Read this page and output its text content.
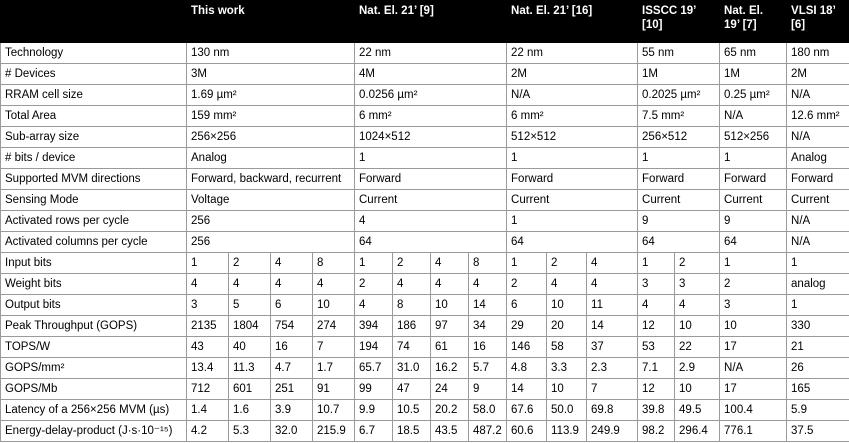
	This work				Nat. El. 21’ [9]				Nat. El. 21’ [16]			ISSCC 19’ [10]		Nat. El. 19’ [7]	VLSI 18’ [6]
Technology	130 nm				22 nm				22 nm			55 nm		65 nm	180 nm
# Devices	3M				4M				2M			1M		1M	2M
RRAM cell size	1.69 µm²				0.0256 µm²				N/A			0.2025 µm²		0.25 µm²	N/A
Total Area	159 mm²				6 mm²				6 mm²			7.5 mm²		N/A	12.6 mm²
Sub-array size	256×256				1024×512				512×512			256×512		512×256	N/A
# bits / device	Analog				1				1			1		1	Analog
Supported MVM directions	Forward, backward, recurrent				Forward				Forward			Forward		Forward	Forward
Sensing Mode	Voltage				Current				Current			Current		Current	Current
Activated rows per cycle	256				4				1			9		9	N/A
Activated columns per cycle	256				64				64			64		64	N/A
Input bits	1	2	4	8	1	2	4	8	1	2	4	1	2	1	1
Weight bits	4	4	4	4	2	4	4	4	2	4	4	3	3	2	analog
Output bits	3	5	6	10	4	8	10	14	6	10	11	4	4	3	1
Peak Throughput (GOPS)	2135	1804	754	274	394	186	97	34	29	20	14	12	10	10	330
TOPS/W	43	40	16	7	194	74	61	16	146	58	37	53	22	17	21
GOPS/mm²	13.4	11.3	4.7	1.7	65.7	31.0	16.2	5.7	4.8	3.3	2.3	7.1	2.9	N/A	26
GOPS/Mb	712	601	251	91	99	47	24	9	14	10	7	12	10	17	165
Latency of a 256×256 MVM (µs)	1.4	1.6	3.9	10.7	9.9	10.5	20.2	58.0	67.6	50.0	69.8	39.8	49.5	100.4	5.9
Energy-delay-product (J·s·10⁻¹⁵)	4.2	5.3	32.0	215.9	6.7	18.5	43.5	487.2	60.6	113.9	249.9	98.2	296.4	776.1	37.5
